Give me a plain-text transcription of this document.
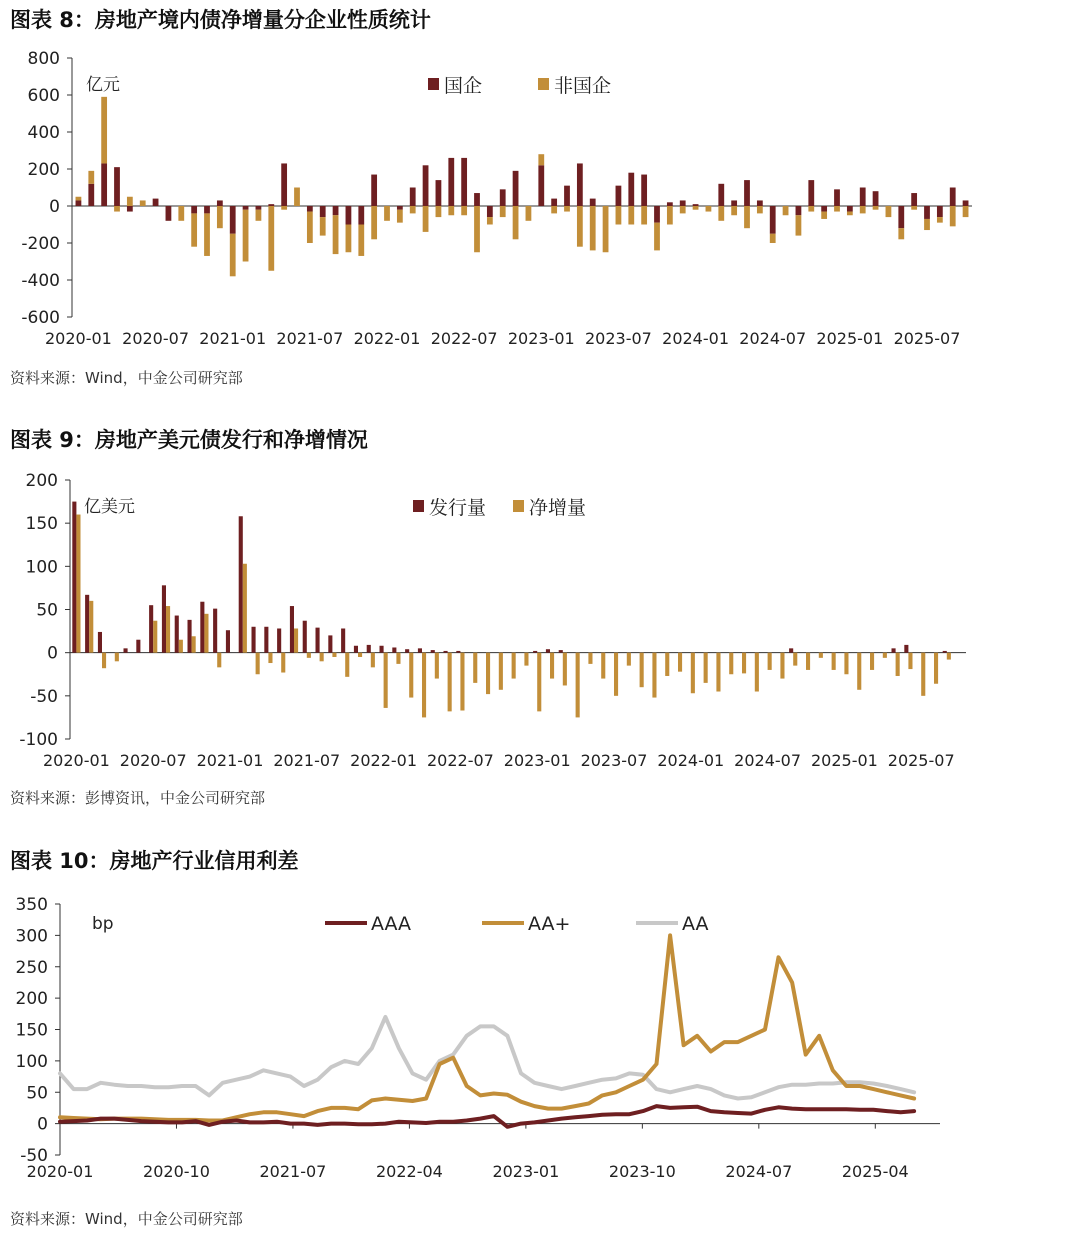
图表 8：房地产境内债净增量分企业性质统计
800
600
400
200
0
-200
-400
-600
2020-01 2020-07 2021-01 2021-07 2022-01 2022-07 2023-01 2023-07 2024-01 2024-07 2025-01 2025-07
亿元	国企	非国企
资料来源：Wind，中金公司研究部
图表 9：房地产美元债发行和净增情况
200
150
100
50
0
-50
-100
2020-01 2020-07 2021-01 2021-07 2022-01 2022-07 2023-01 2023-07 2024-01 2024-07 2025-01 2025-07
亿美元	发行量 净增量
资料来源：彭博资讯，中金公司研究部
图表 10：房地产行业信用利差
350
300
250
200
150
100
50
0
-50
2020-01	2020-10	2021-07	2022-04	2023-01	2023-10	2024-07	2025-04
bp	AAA	AA+	AA
资料来源：Wind，中金公司研究部
